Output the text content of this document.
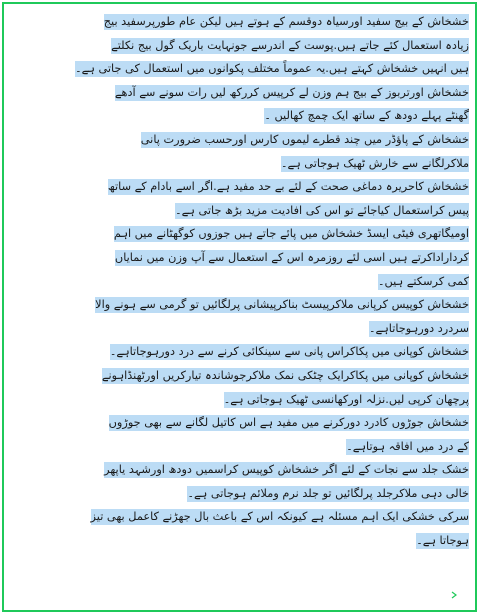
خشخاش کے بیج سفید اورسیاہ دوقسم کے ہوتے ہیں لیکن عام طورپرسفید بیج
زیادہ استعمال کئے جاتے ہیں.پوست کے اندرسے جونہایت باریک گول بیج نکلتے
ہیں انہیں خشخاش کہتے ہیں.یہ عموماً مختلف پکوانوں میں استعمال کی جاتی ہے۔
خشخاش اورتربوز کے بیج ہم وزن لے کرپیس کررکھ لیں رات سونے سے آدھے
گھنٹے پہلے دودھ کے ساتھ ایک چمچ کھالیں ۔
خشخاش کے پاؤڈر میں چند قطرے لیموں کارس اورحسب ضرورت پانی
ملاکرلگانے سے خارش ٹھیک ہوجاتی ہے۔
خشخاش کاحریرہ دماغی صحت کے لئے بے حد مفید ہے.اگر اسے بادام کے ساتھ
پیس کراستعمال کیاجائے تو اس کی افادیت مزید بڑھ جاتی ہے۔
اومیگاتھری فیٹی ایسڈ خشخاش میں پائے جاتے ہیں جوزوں کوگھٹانے میں اہم
کرداراداکرتے ہیں اسی لئے روزمرہ اس کے استعمال سے آپ وزن میں نمایاں
کمی کرسکتے ہیں۔
خشخاش کوپیس کرپانی ملاکرپیسٹ بناکرپیشانی پرلگائیں تو گرمی سے ہونے والا
سردرد دورہوجاتاہے۔
خشخاش کوپانی میں پکاکراس پانی سے سینکائی کرنے سے درد دورہوجاتاہے۔
خشخاش کوپانی میں پکاکرایک چٹکی نمک ملاکرجوشاندہ تیارکریں اورٹھنڈاہونے
پرچھان کرپی لیں.نزلہ اورکھانسی ٹھیک ہوجاتی ہے۔
خشخاش جوڑوں کادرد دورکرنے میں مفید ہے اس کاتیل لگانے سے بھی جوڑوں
کے درد میں افاقہ ہوتاہے۔
خشک جلد سے نجات کے لئے اگر خشخاش کوپیس کراسمیں دودھ اورشہد یاپھر
خالی دہی ملاکرجلد پرلگائیں تو جلد نرم وملائم ہوجاتی ہے۔
سرکی خشکی ایک اہم مسئلہ ہے کیونکہ اس کے باعث بال جھڑنے کاعمل بھی تیز
ہوجاتا ہے۔
